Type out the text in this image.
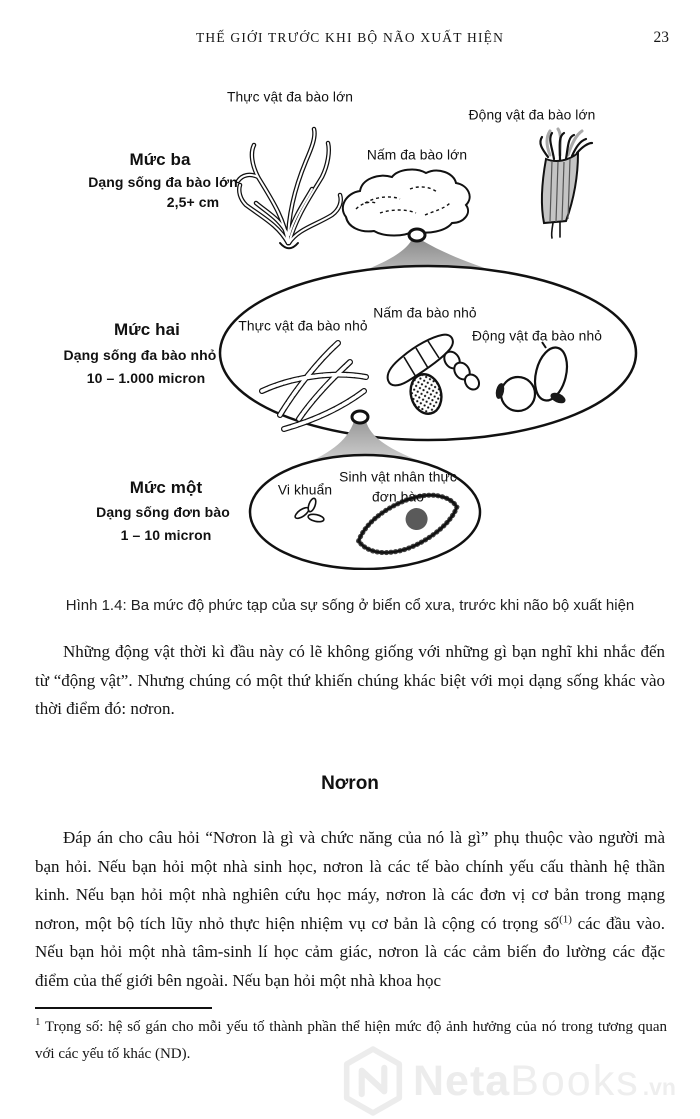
THẾ GIỚI TRƯỚC KHI BỘ NÃO XUẤT HIỆN	23
Thực vật đa bào lớn
Động vật đa bào lớn
Nấm đa bào lớn
Mức ba
Dạng sống đa bào lớn
2,5+ cm
Mức hai
Dạng sống đa bào nhỏ
10 – 1.000 micron
Thực vật đa bào nhỏ
Nấm đa bào nhỏ
Động vật đa bào nhỏ
Mức một
Dạng sống đơn bào
1 – 10 micron
Vi khuẩn
Sinh vật nhân thực
đơn bào
Hình 1.4: Ba mức độ phức tạp của sự sống ở biển cổ xưa, trước khi não bộ xuất hiện
Những động vật thời kì đầu này có lẽ không giống với những gì bạn nghĩ khi nhắc đến từ “động vật”. Nhưng chúng có một thứ khiến chúng khác biệt với mọi dạng sống khác vào thời điểm đó: nơron.
Nơron
Đáp án cho câu hỏi “Nơron là gì và chức năng của nó là gì” phụ thuộc vào người mà bạn hỏi. Nếu bạn hỏi một nhà sinh học, nơron là các tế bào chính yếu cấu thành hệ thần kinh. Nếu bạn hỏi một nhà nghiên cứu học máy, nơron là các đơn vị cơ bản trong mạng nơron, một bộ tích lũy nhỏ thực hiện nhiệm vụ cơ bản là cộng có trọng số$^{(1)}$ các đầu vào. Nếu bạn hỏi một nhà tâm-sinh lí học cảm giác, nơron là các cảm biến đo lường các đặc điểm của thế giới bên ngoài. Nếu bạn hỏi một nhà khoa học
$^1$ Trọng số: hệ số gán cho mỗi yếu tố thành phần thể hiện mức độ ảnh hưởng của nó trong tương quan với các yếu tố khác (ND).
Neta Books .vn
